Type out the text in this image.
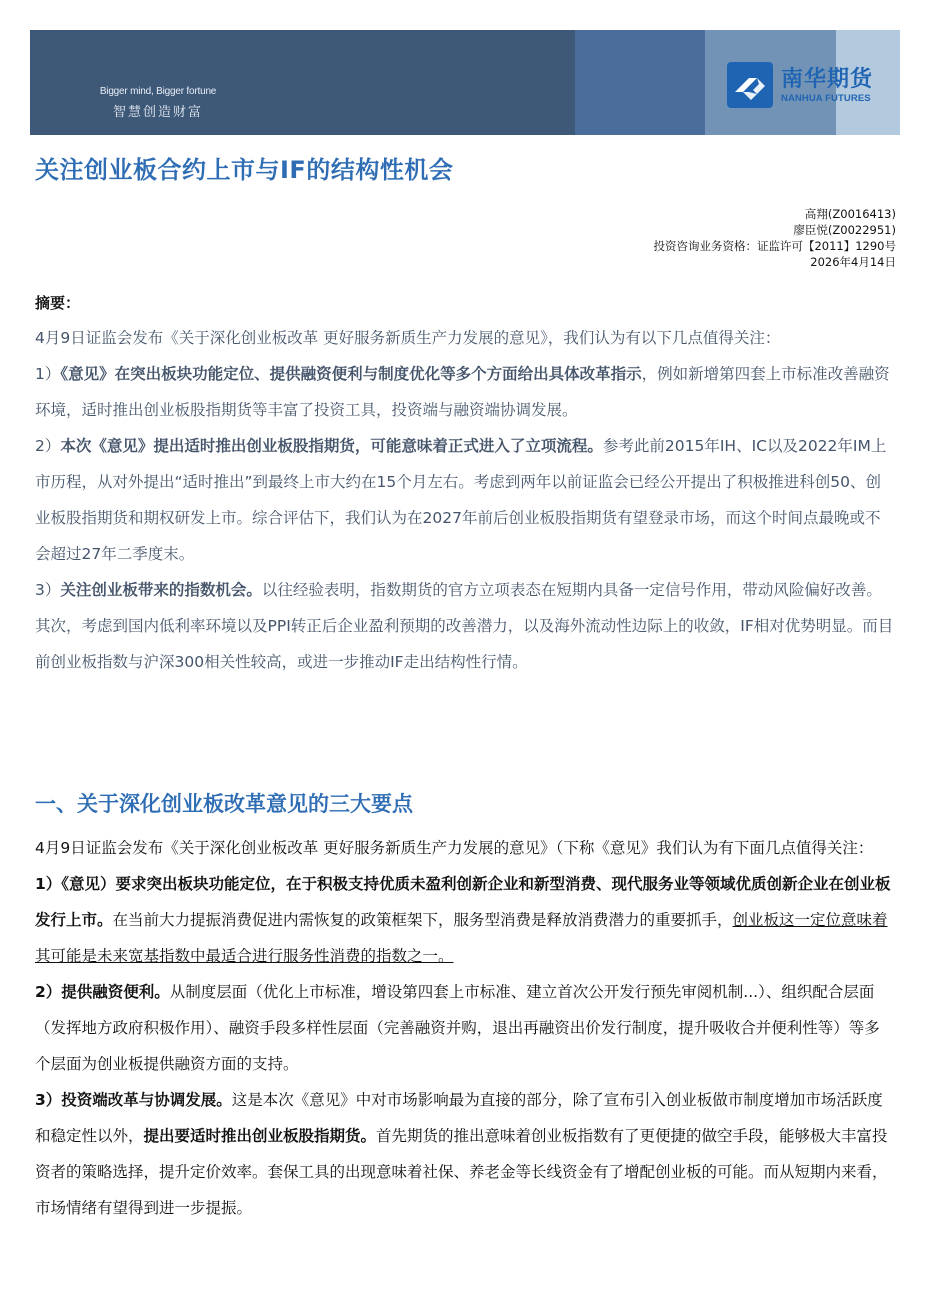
Bigger mind, Bigger fortune
智慧创造财富
南华期货
NANHUA FUTURES
关注创业板合约上市与IF的结构性机会
高翔(Z0016413)
廖臣悦(Z0022951)
投资咨询业务资格：证监许可【2011】1290号
2026年4月14日
摘要：

4月9日证监会发布《关于深化创业板改革 更好服务新质生产力发展的意见》，我们认为有以下几点值得关注：

1）《意见》在突出板块功能定位、提供融资便利与制度优化等多个方面给出具体改革指示，例如新增第四套上市标准改善融资环境，适时推出创业板股指期货等丰富了投资工具，投资端与融资端协调发展。

2）本次《意见》提出适时推出创业板股指期货，可能意味着正式进入了立项流程。参考此前2015年IH、IC以及2022年IM上市历程，从对外提出“适时推出”到最终上市大约在15个月左右。考虑到两年以前证监会已经公开提出了积极推进科创50、创业板股指期货和期权研发上市。综合评估下，我们认为在2027年前后创业板股指期货有望登录市场，而这个时间点最晚或不会超过27年二季度末。

3）关注创业板带来的指数机会。以往经验表明，指数期货的官方立项表态在短期内具备一定信号作用，带动风险偏好改善。

其次，考虑到国内低利率环境以及PPI转正后企业盈利预期的改善潜力，以及海外流动性边际上的收敛，IF相对优势明显。而目前创业板指数与沪深300相关性较高，或进一步推动IF走出结构性行情。

一、关于深化创业板改革意见的三大要点

4月9日证监会发布《关于深化创业板改革 更好服务新质生产力发展的意见》（下称《意见》我们认为有下面几点值得关注：

1）《意见）要求突出板块功能定位，在于积极支持优质未盈利创新企业和新型消费、现代服务业等领域优质创新企业在创业板发行上市。在当前大力提振消费促进内需恢复的政策框架下，服务型消费是释放消费潜力的重要抓手，创业板这一定位意味着其可能是未来宽基指数中最适合进行服务性消费的指数之一。

2）提供融资便利。从制度层面（优化上市标准，增设第四套上市标准、建立首次公开发行预先审阅机制...）、组织配合层面（发挥地方政府积极作用）、融资手段多样性层面（完善融资并购，退出再融资出价发行制度，提升吸收合并便利性等）等多个层面为创业板提供融资方面的支持。

3）投资端改革与协调发展。这是本次《意见》中对市场影响最为直接的部分，除了宣布引入创业板做市制度增加市场活跃度和稳定性以外，提出要适时推出创业板股指期货。首先期货的推出意味着创业板指数有了更便捷的做空手段，能够极大丰富投资者的策略选择，提升定价效率。套保工具的出现意味着社保、养老金等长线资金有了增配创业板的可能。而从短期内来看，市场情绪有望得到进一步提振。
